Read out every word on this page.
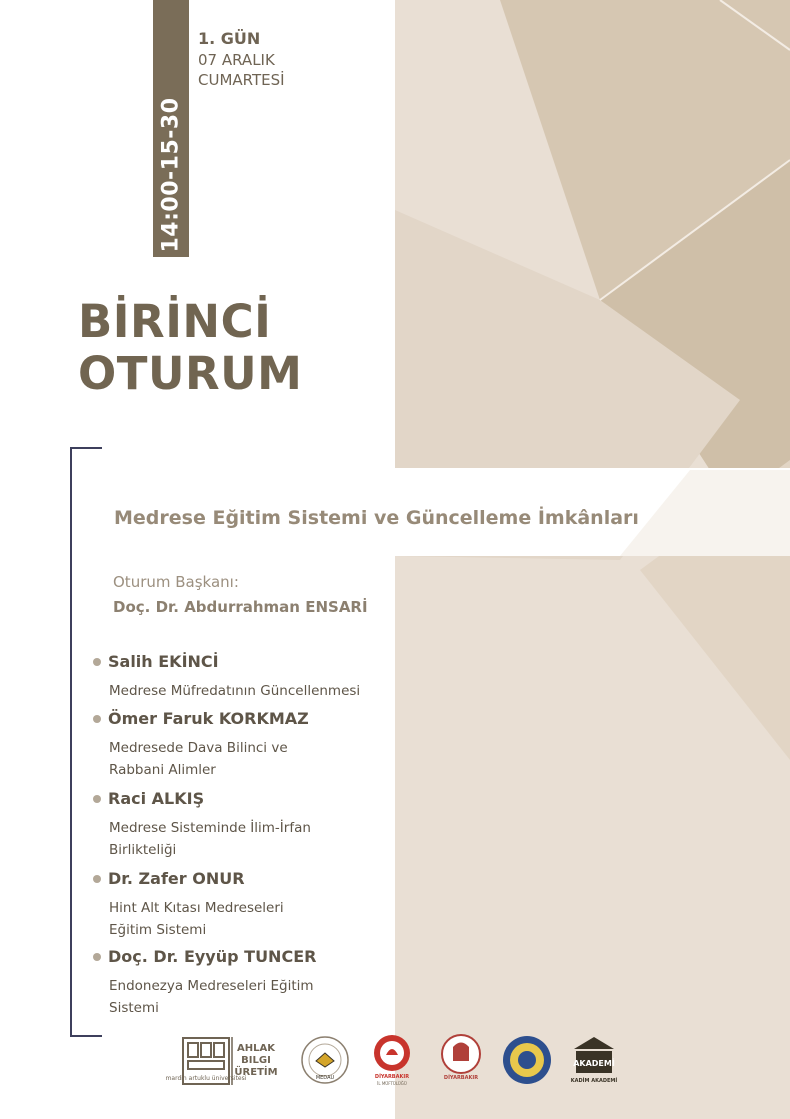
14:00-15-30
1. GÜN
07 ARALIK
CUMARTESİ
BİRİNCİ
OTURUM
Medrese Eğitim Sistemi ve Güncelleme İmkânları
Oturum Başkanı:
Doç. Dr. Abdurrahman ENSARİ
Salih EKİNCİ
Medrese Müfredatının Güncellenmesi
Ömer Faruk KORKMAZ
Medresede Dava Bilinci ve
Rabbani Alimler
Raci ALKIŞ
Medrese Sisteminde İlim-İrfan
Birlikteliği
Dr. Zafer ONUR
Hint Alt Kıtası Medreseleri
Eğitim Sistemi
Doç. Dr. Eyyüp TUNCER
Endonezya Medreseleri Eğitim
Sistemi
mardin artuklu üniversitesi
AHLAK
BILGI
ÜRETİM	MEDAU	DİYARBAKIR
İL MÜFTÜLÜĞÜ
DİYARBAKIR
AKADEMİ
KADİM AKADEMİ
